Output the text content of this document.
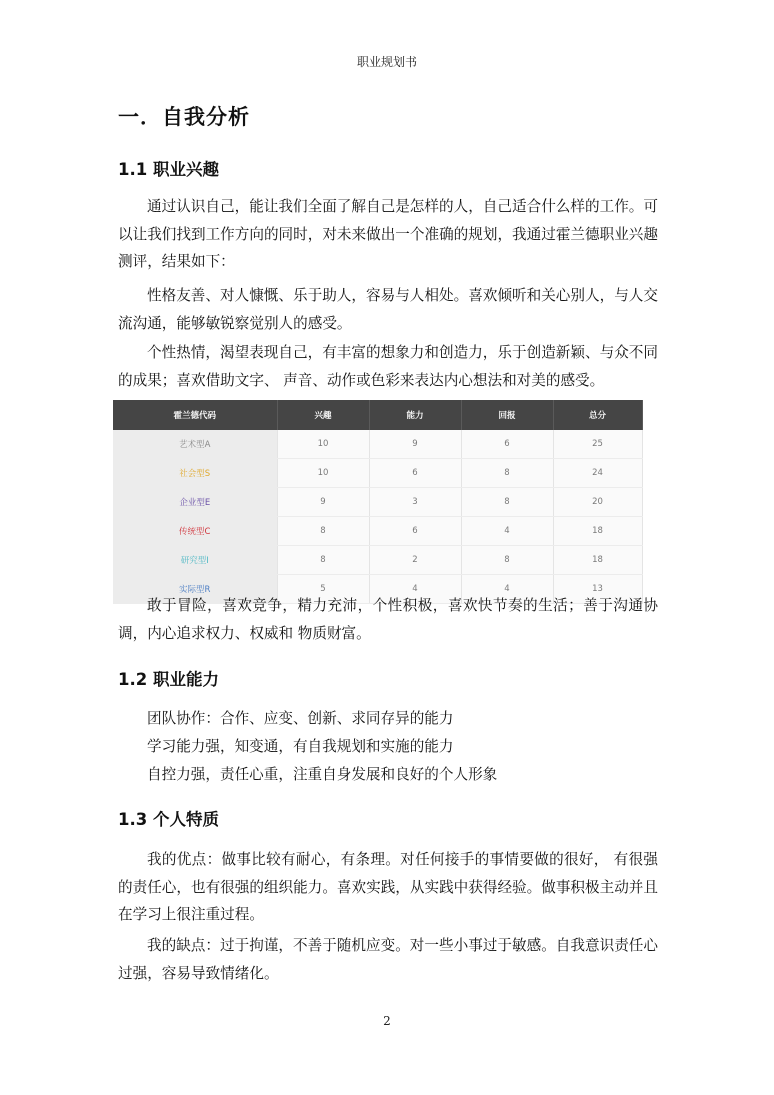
职业规划书
一．自我分析
1.1 职业兴趣

通过认识自己，能让我们全面了解自己是怎样的人，自己适合什么样的工作。可以让我们找到工作方向的同时，对未来做出一个准确的规划，我通过霍兰德职业兴趣测评，结果如下：

性格友善、对人慷慨、乐于助人，容易与人相处。喜欢倾听和关心别人，与人交流沟通，能够敏锐察觉别人的感受。

个性热情，渴望表现自己，有丰富的想象力和创造力，乐于创造新颖、与众不同的成果；喜欢借助文字、 声音、动作或色彩来表达内心想法和对美的感受。

霍兰德代码	兴趣	能力	回报	总分
艺术型A	10	9	6	25
社会型S	10	6	8	24
企业型E	9	3	8	20
传统型C	8	6	4	18
研究型I	8	2	8	18
实际型R	5	4	4	13

敢于冒险，喜欢竞争，精力充沛，个性积极，喜欢快节奏的生活；善于沟通协调，内心追求权力、权威和 物质财富。

1.2 职业能力

团队协作：合作、应变、创新、求同存异的能力

学习能力强，知变通，有自我规划和实施的能力

自控力强，责任心重，注重自身发展和良好的个人形象

1.3 个人特质

我的优点：做事比较有耐心，有条理。对任何接手的事情要做的很好， 有很强的责任心，也有很强的组织能力。喜欢实践，从实践中获得经验。做事积极主动并且在学习上很注重过程。

我的缺点：过于拘谨，不善于随机应变。对一些小事过于敏感。自我意识责任心过强，容易导致情绪化。

2
